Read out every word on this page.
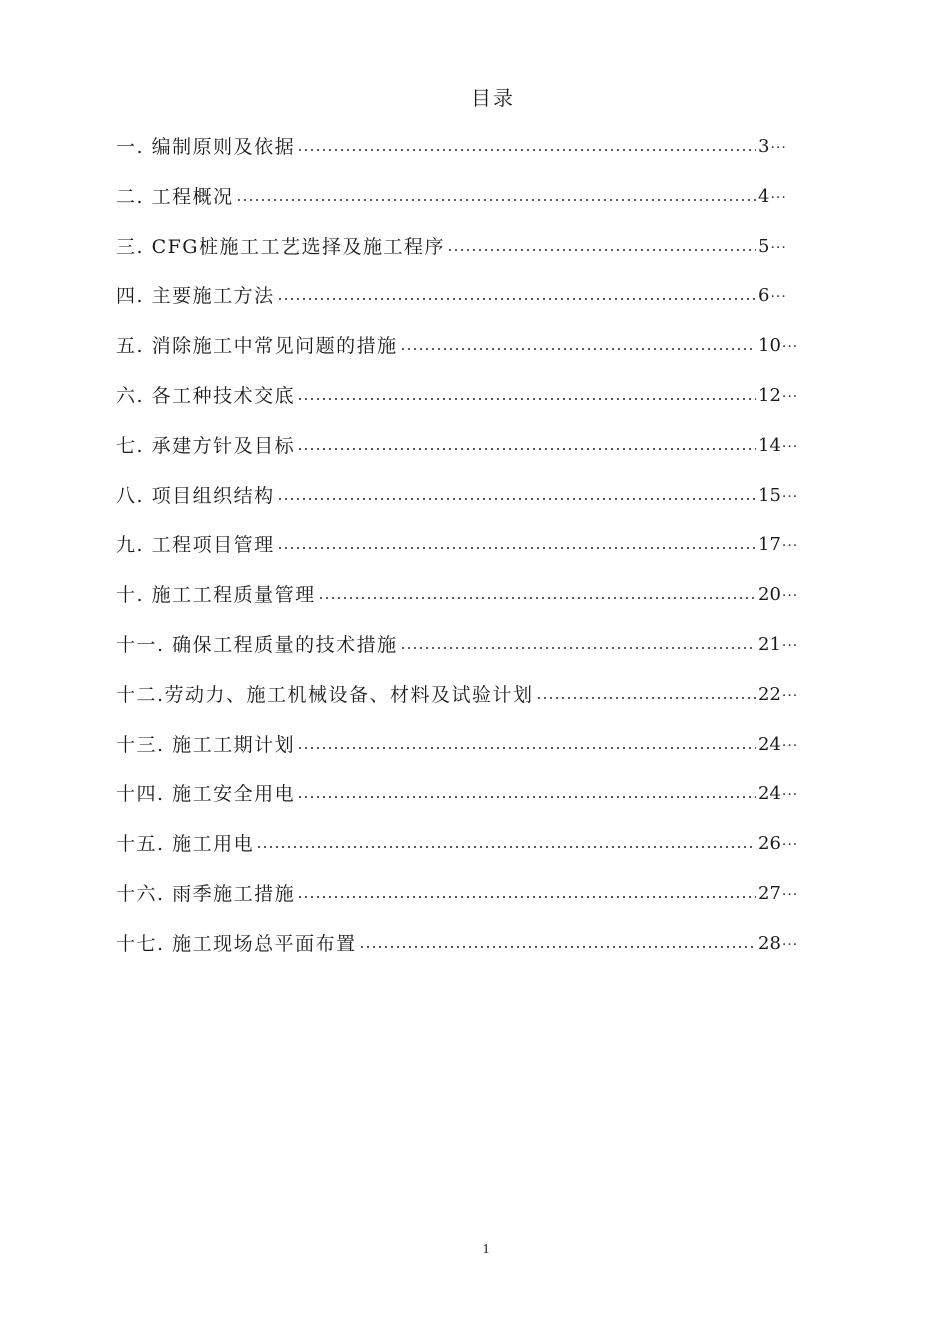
目录
一. 编制原则及依据	3 ···
二. 工程概况	4 ···
三. CFG桩施工工艺选择及施工程序	5 ···
四. 主要施工方法	6 ···
五. 消除施工中常见问题的措施	10 ···
六. 各工种技术交底	12 ···
七. 承建方针及目标	14 ···
八. 项目组织结构	15 ···
九. 工程项目管理	17 ···
十. 施工工程质量管理	20 ···
十一. 确保工程质量的技术措施	21 ···
十二.劳动力、施工机械设备、材料及试验计划	22 ···
十三. 施工工期计划	24 ···
十四. 施工安全用电	24 ···
十五. 施工用电	26 ···
十六. 雨季施工措施	27 ···
十七. 施工现场总平面布置	28 ···
1
